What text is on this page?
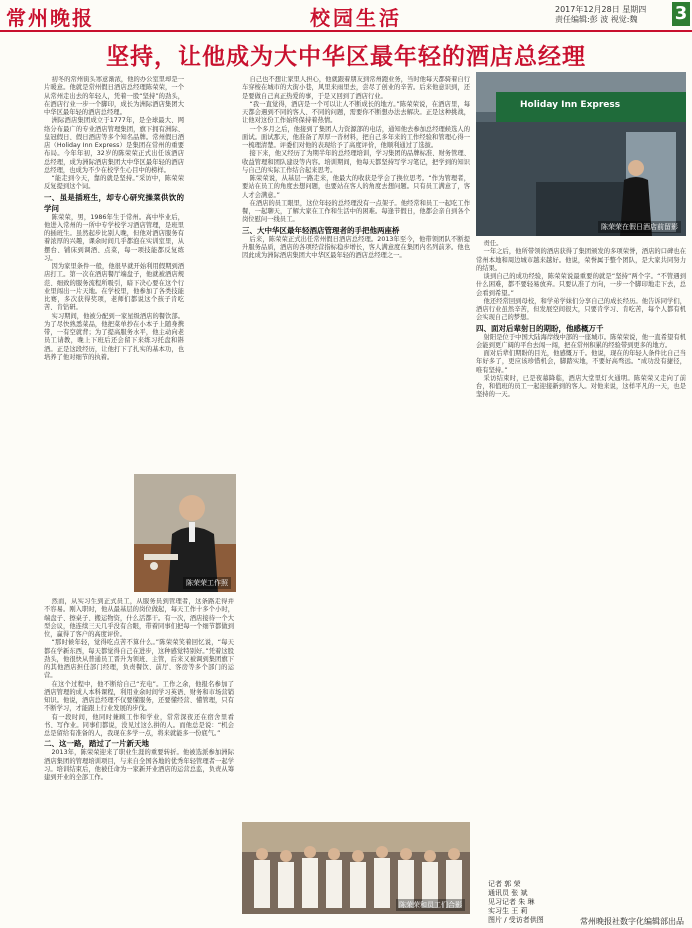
常州晚报	校园生活	2017年12月28日 星期四
责任编辑:彭 波 视觉:魏	3
坚持，让他成为大中华区最年轻的酒店总经理

初冬的常州街头寒意渐浓，他的办公室里却是一片暖意。他就是常州假日酒店总经理陈荣荣，一个从常州走出去的年轻人，凭着一股“坚持”的劲头，在酒店行业一步一个脚印，成长为洲际酒店集团大中华区最年轻的酒店总经理。

洲际酒店集团成立于1777年，是全球最大、网络分布最广的专业酒店管理集团，旗下拥有洲际、皇冠假日、假日酒店等多个知名品牌。常州假日酒店（Holiday Inn Express）是集团在常州的重要布局。今年年初，32岁的陈荣荣正式出任该酒店总经理，成为洲际酒店集团大中华区最年轻的酒店总经理，也成为不少在校学生心目中的榜样。

“能走到今天，靠的就是坚持。”采访中，陈荣荣反复提到这个词。

一、虽是插班生，却专心研究操菜供饮的学问

陈荣荣，男，1986年生于常州。高中毕业后，他进入常州的一所中专学校学习酒店管理，是班里的插班生。虽然起步比别人晚，但他对酒店服务有着浓厚的兴趣，课余时间几乎都泡在实训室里，从摆台、铺床到调酒、点菜，每一项技能都反复练习。

因为家里条件一般，他很早就开始利用假期到酒店打工。第一次在酒店餐厅端盘子，他就被酒店规范、细致的服务流程所吸引，暗下决心要在这个行业里闯出一片天地。在学校里，他参加了各类技能比赛，多次获得奖项，老师们都说这个孩子肯吃苦、肯钻研。

实习期间，他被分配到一家星级酒店的餐饮部。为了尽快熟悉菜品，他把菜单抄在小本子上随身携带，一有空就背；为了提高服务水平，他主动向老员工请教，晚上下班后还会留下来练习托盘和斟酒。正是这段经历，让他打下了扎实的基本功，也培养了他对细节的执着。

陈荣荣工作照

然而，从实习生到正式员工，从服务员到管理者，这条路走得并不容易。刚入职时，他从最基层的岗位做起，每天工作十多个小时，端盘子、擦桌子、搬运物资，什么活都干。有一次，酒店接待一个大型会议，他连续三天几乎没有合眼，带着同事们把每一个细节都做到位，赢得了客户的高度评价。

“那时候年轻，觉得吃点苦不算什么。”陈荣荣笑着回忆说，“每天都在学新东西，每天都觉得自己在进步，这种感觉特别好。”凭着这股劲头，他很快从普通员工晋升为领班、主管，后来又被调到集团旗下的其他酒店担任部门经理，负责餐饮、前厅、客房等多个部门的运营。

在这个过程中，他不断给自己“充电”。工作之余，他报名参加了酒店管理的成人本科课程，利用业余时间学习英语、财务和市场营销知识。他说，酒店总经理不仅要懂服务，还要懂经营、懂管理，只有不断学习，才能跟上行业发展的步伐。

有一段时间，他同时兼顾工作和学业，常常深夜还在宿舍里看书、写作业。同事们都说，没见过这么拼的人。而他总是说：“机会总是留给有准备的人，我现在多学一点，将来就能多一份底气。”

二、这一路，踏过了一片新天地

2013年，陈荣荣迎来了职业生涯的重要转折。他被选派参加洲际酒店集团的管理培训项目，与来自全国各地的优秀年轻管理者一起学习。培训结束后，他被任命为一家新开业酒店的运营总监，负责从筹建到开业的全部工作。

自己也不想让家里人担心，他就跟着朋友到常州跑业务，当时他每天都骑着自行车穿梭在城市的大街小巷，风里来雨里去，尝尽了创业的辛苦。后来他意识到，还是要做自己真正热爱的事，于是又回到了酒店行业。

“我一直觉得，酒店是一个可以让人不断成长的地方。”陈荣荣说，在酒店里，每天都会遇到不同的客人、不同的问题，需要你不断想办法去解决。正是这种挑战，让他对这份工作始终保持着热情。

一个多月之后，他接到了集团人力资源部的电话，通知他去参加总经理候选人的面试。面试那天，他准备了厚厚一沓材料，把自己多年来的工作经验和管理心得一一梳理清楚。评委们对他的表现给予了高度评价，他顺利通过了选拔。

接下来，他又经历了为期半年的总经理培训，学习集团的品牌标准、财务管理、收益管理和团队建设等内容。培训期间，他每天都坚持写学习笔记，把学到的知识与自己的实际工作结合起来思考。

陈荣荣说，从基层一路走来，他最大的收获是学会了换位思考。“作为管理者，要站在员工的角度去想问题，也要站在客人的角度去想问题。只有员工满意了，客人才会满意。”

在酒店的员工眼里，这位年轻的总经理没有一点架子。他经常和员工一起吃工作餐，一起聊天，了解大家在工作和生活中的困难。每逢节假日，他都会亲自到各个岗位慰问一线员工。

三、大中华区最年轻酒店管理者的手把他两座桥

后来，陈荣荣正式出任常州假日酒店总经理。2013年至今，他带领团队不断提升服务品质，酒店的各项经营指标稳步增长，客人满意度在集团内名列前茅。他也因此成为洲际酒店集团大中华区最年轻的酒店总经理之一。

Holiday Inn Express
陈荣荣在假日酒店前留影

责任。

一年之后，他所带领的酒店获得了集团颁发的多项荣誉，酒店的口碑也在常州本地和周边城市越来越好。他说，荣誉属于整个团队，是大家共同努力的结果。

谈到自己的成功经验，陈荣荣说最重要的就是“坚持”两个字。“不管遇到什么困难，都不要轻易放弃。只要认准了方向，一步一个脚印地走下去，总会看到希望。”

他还经常回到母校，和学弟学妹们分享自己的成长经历。他告诉同学们，酒店行业虽然辛苦，但发展空间很大，只要肯学习、肯吃苦，每个人都有机会实现自己的梦想。

四、面对后辈射日的期盼，他感概万千

射阳是位于中国大陆海岸线中部的一座城市。陈荣荣说，他一直希望有机会能到更广阔的平台去闯一闯，把在常州积累的经验带到更多的地方。

面对后辈们期盼的目光，他感慨万千。他说，现在的年轻人条件比自己当年好多了，更应该珍惜机会，脚踏实地，不要好高骛远。“成功没有捷径，唯有坚持。”

采访结束时，已是夜幕降临，酒店大堂里灯火通明。陈荣荣又走向了前台，和值班的员工一起迎接新到的客人。对他来说，这样平凡的一天，也是坚持的一天。

陈荣荣和员工们合影
记者 郭 荣
通讯员 张 斌
见习记者 朱 琳
实习生 王 莉
图片 / 受访者供图	常州晚报社数字化编辑部出品
